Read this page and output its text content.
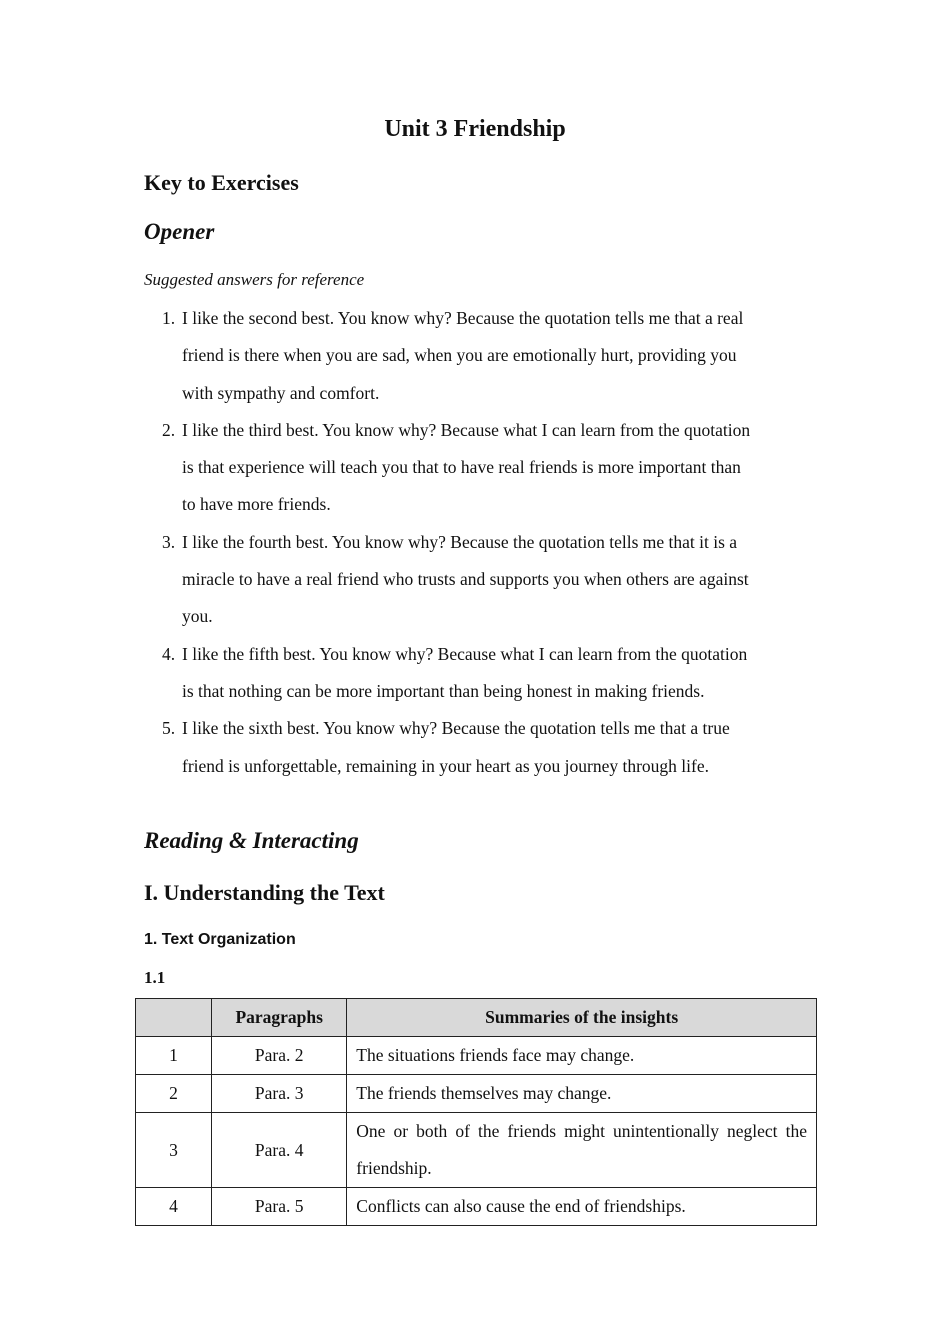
Unit 3 Friendship
Key to Exercises
Opener

Suggested answers for reference

1. I like the second best. You know why? Because the quotation tells me that a real
friend is there when you are sad, when you are emotionally hurt, providing you
with sympathy and comfort.
2. I like the third best. You know why? Because what I can learn from the quotation
is that experience will teach you that to have real friends is more important than
to have more friends.
3. I like the fourth best. You know why? Because the quotation tells me that it is a
miracle to have a real friend who trusts and supports you when others are against
you.
4. I like the fifth best. You know why? Because what I can learn from the quotation
is that nothing can be more important than being honest in making friends.
5. I like the sixth best. You know why? Because the quotation tells me that a true
friend is unforgettable, remaining in your heart as you journey through life.
Reading & Interacting
I. Understanding the Text
1. Text Organization
1.1
	Paragraphs	Summaries of the insights
1	Para. 2	The situations friends face may change.
2	Para. 3	The friends themselves may change.
3	Para. 4	One or both of the friends might unintentionally neglect the friendship.
4	Para. 5	Conflicts can also cause the end of friendships.
